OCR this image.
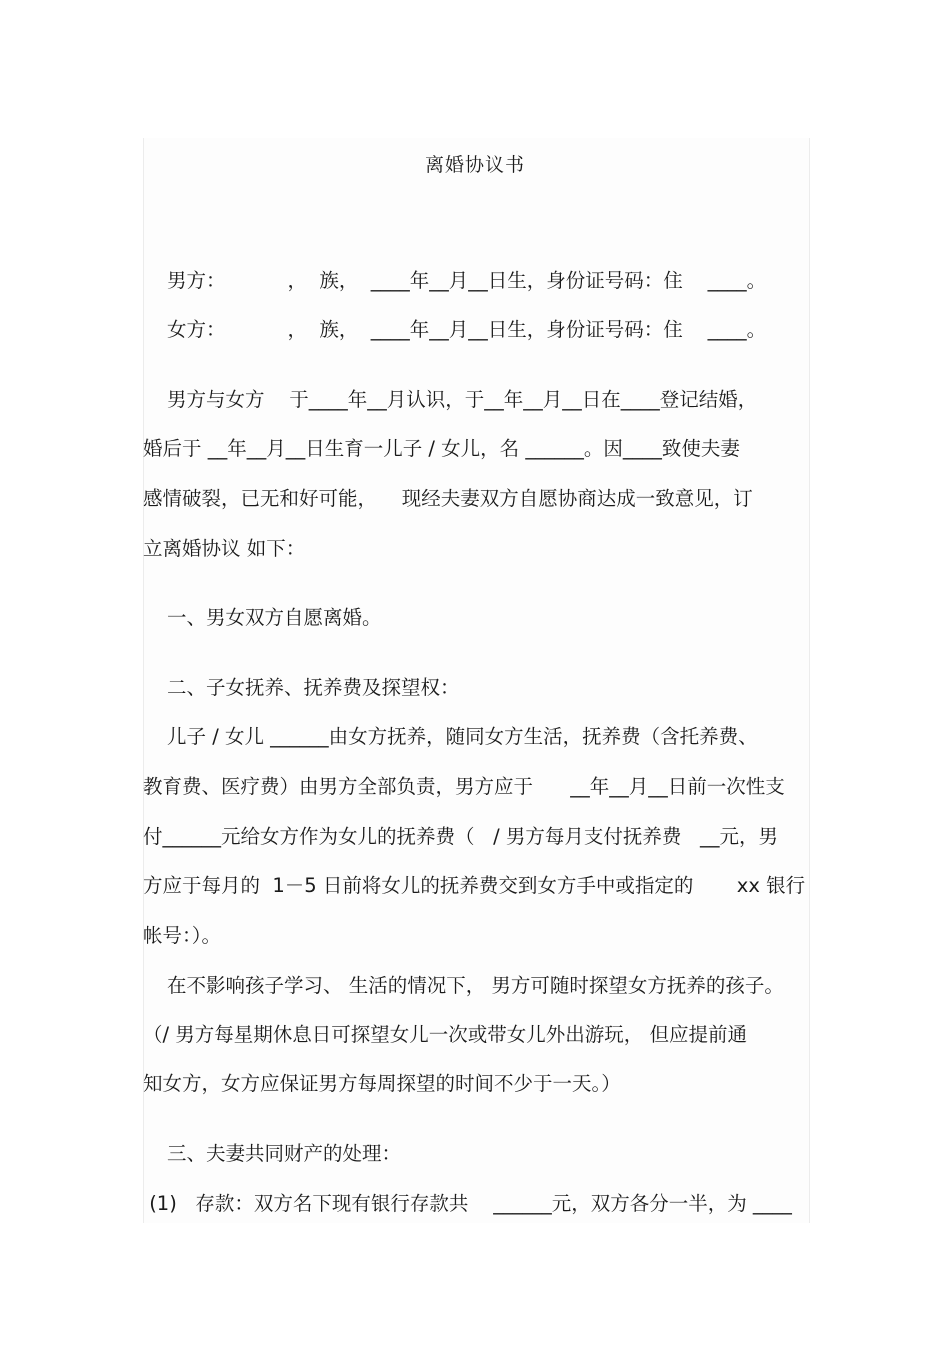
离婚协议书
男方：          ，  族，  ____年__月__日生，身份证号码：住    ____。
女方：          ，  族，  ____年__月__日生，身份证号码：住    ____。
男方与女方    于____年__月认识，于__年__月__日在____登记结婚，
婚后于 __年__月__日生育一儿子 / 女儿，名 ______。因____致使夫妻
感情破裂，已无和好可能，    现经夫妻双方自愿协商达成一致意见，订
立离婚协议 如下：
一、男女双方自愿离婚。
二、子女抚养、抚养费及探望权：
儿子 / 女儿 ______由女方抚养，随同女方生活，抚养费（含托养费、
教育费、医疗费）由男方全部负责，男方应于      __年__月__日前一次性支
付______元给女方作为女儿的抚养费（   / 男方每月支付抚养费   __元，男
方应于每月的  1－5 日前将女儿的抚养费交到女方手中或指定的       xx 银行
帐号：）。
在不影响孩子学习、 生活的情况下， 男方可随时探望女方抚养的孩子。
（/ 男方每星期休息日可探望女儿一次或带女儿外出游玩， 但应提前通
知女方，女方应保证男方每周探望的时间不少于一天。）
三、夫妻共同财产的处理：
(1)   存款：双方名下现有银行存款共    ______元，双方各分一半，为 ____
